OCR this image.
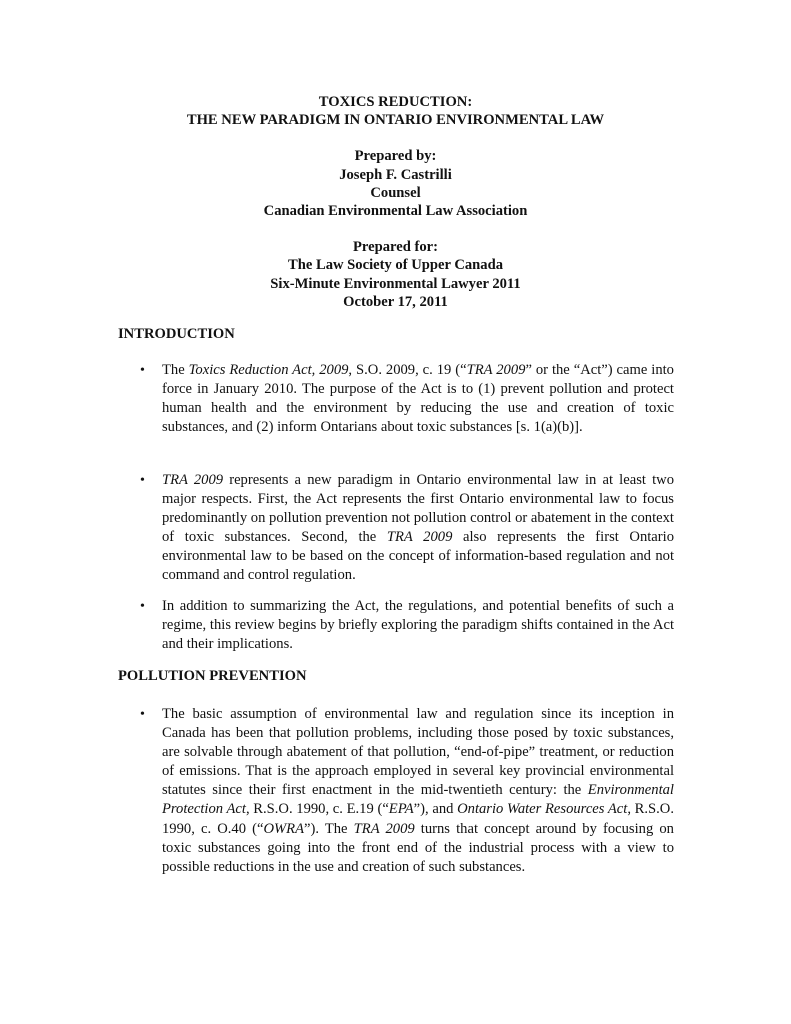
TOXICS REDUCTION:
THE NEW PARADIGM IN ONTARIO ENVIRONMENTAL LAW
Prepared by:
Joseph F. Castrilli
Counsel
Canadian Environmental Law Association
Prepared for:
The Law Society of Upper Canada
Six-Minute Environmental Lawyer 2011
October 17, 2011
INTRODUCTION
• The Toxics Reduction Act, 2009, S.O. 2009, c. 19 (“TRA 2009” or the “Act”) came into force in January 2010. The purpose of the Act is to (1) prevent pollution and protect human health and the environment by reducing the use and creation of toxic substances, and (2) inform Ontarians about toxic substances [s. 1(a)(b)].
• TRA 2009 represents a new paradigm in Ontario environmental law in at least two major respects. First, the Act represents the first Ontario environmental law to focus predominantly on pollution prevention not pollution control or abatement in the context of toxic substances. Second, the TRA 2009 also represents the first Ontario environmental law to be based on the concept of information-based regulation and not command and control regulation.
• In addition to summarizing the Act, the regulations, and potential benefits of such a regime, this review begins by briefly exploring the paradigm shifts contained in the Act and their implications.
POLLUTION PREVENTION
• The basic assumption of environmental law and regulation since its inception in Canada has been that pollution problems, including those posed by toxic substances, are solvable through abatement of that pollution, “end-of-pipe” treatment, or reduction of emissions. That is the approach employed in several key provincial environmental statutes since their first enactment in the mid-twentieth century: the Environmental Protection Act, R.S.O. 1990, c. E.19 (“EPA”), and Ontario Water Resources Act, R.S.O. 1990, c. O.40 (“OWRA”). The TRA 2009 turns that concept around by focusing on toxic substances going into the front end of the industrial process with a view to possible reductions in the use and creation of such substances.
